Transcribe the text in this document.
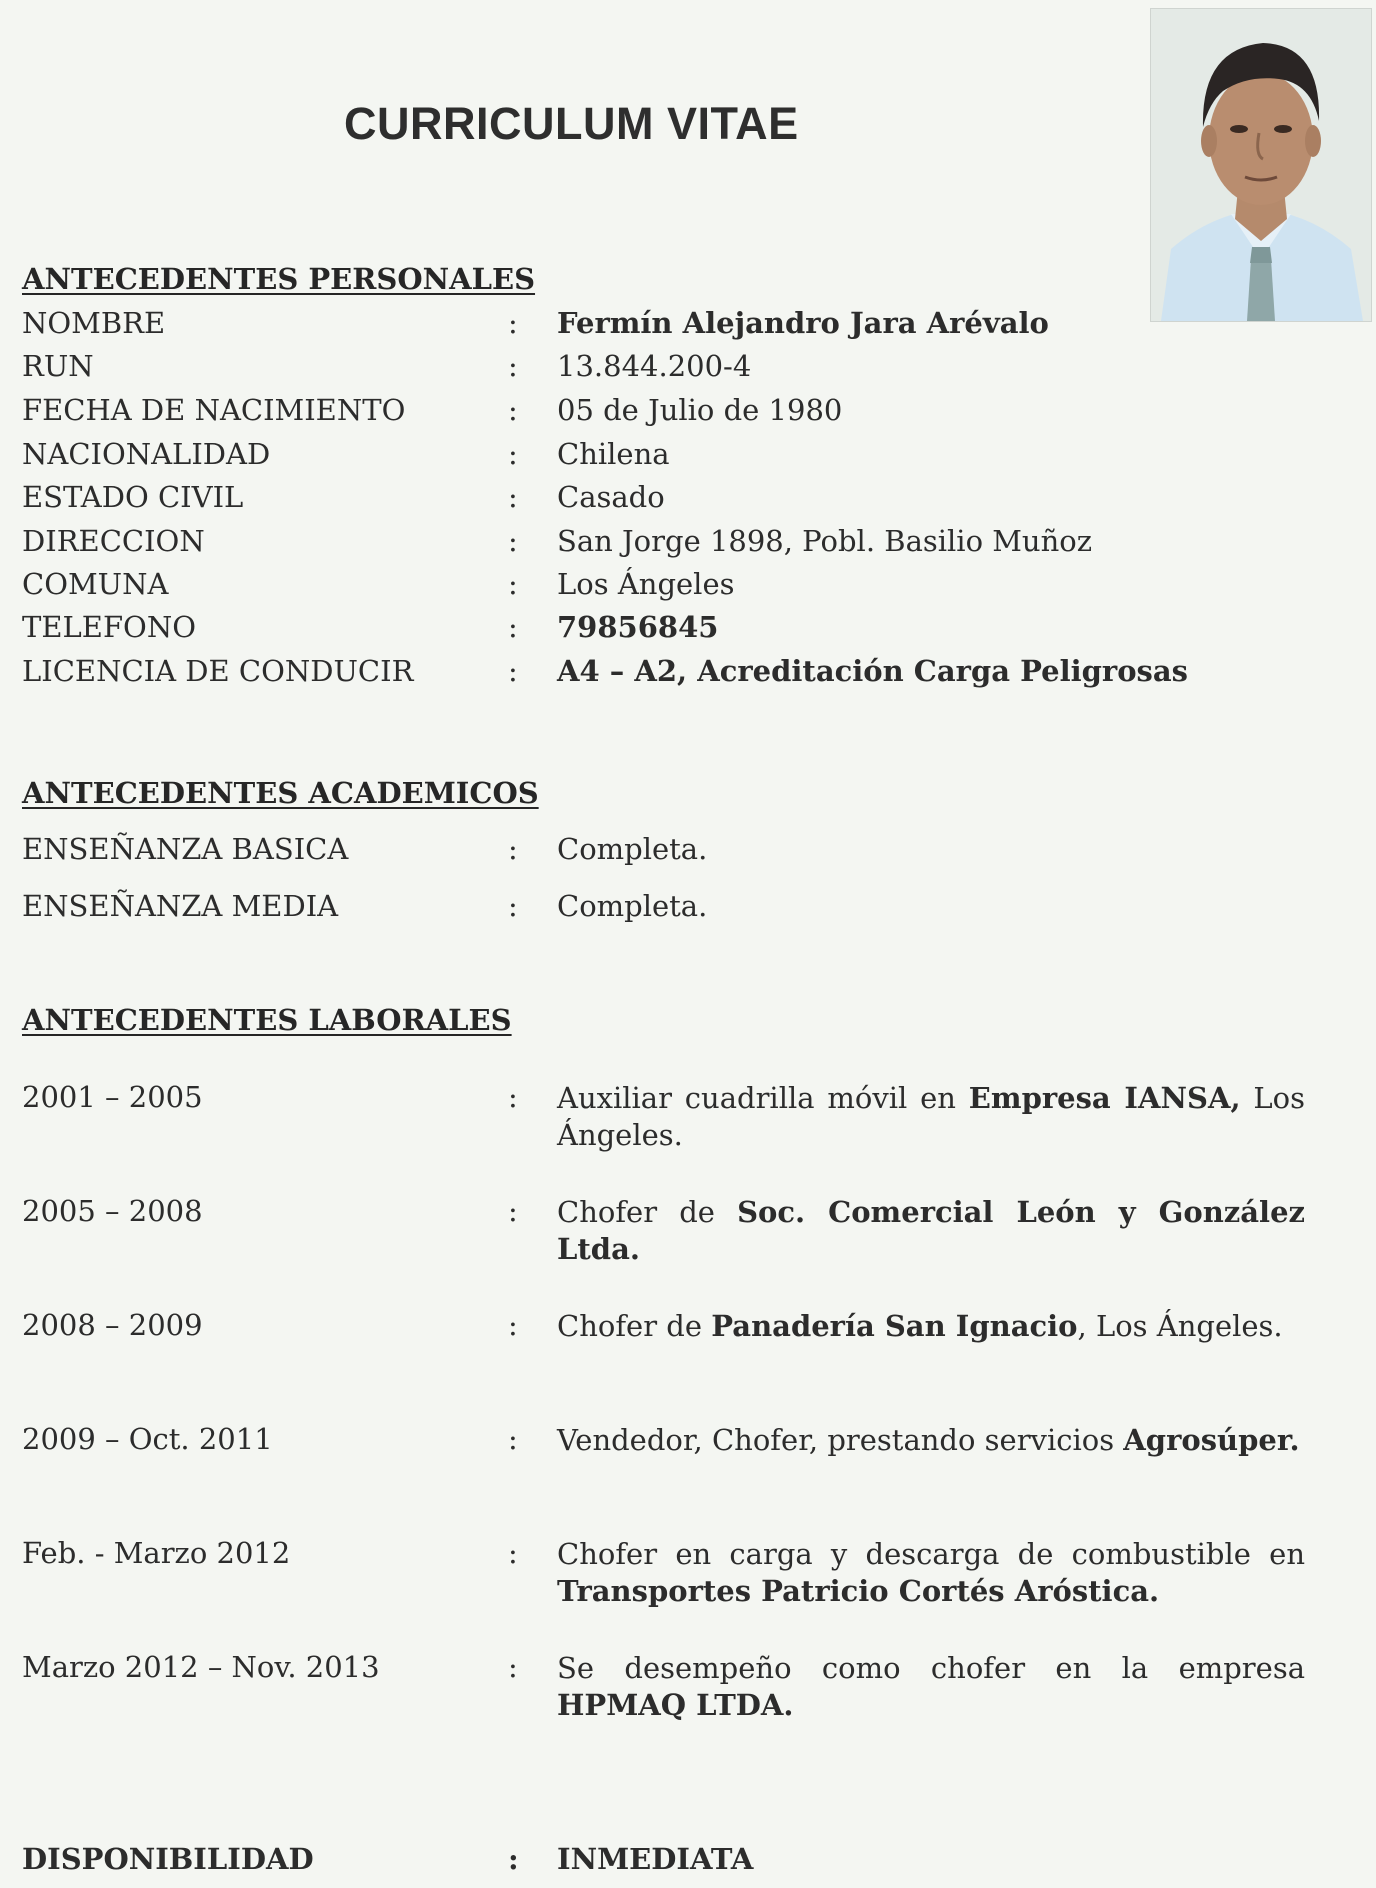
CURRICULUM VITAE
ANTECEDENTES PERSONALES
NOMBRE	: Fermín Alejandro Jara Arévalo
RUN	: 13.844.200-4
FECHA DE NACIMIENTO	: 05 de Julio de 1980
NACIONALIDAD	: Chilena
ESTADO CIVIL	: Casado
DIRECCION	: San Jorge 1898, Pobl. Basilio Muñoz
COMUNA	: Los Ángeles
TELEFONO	: 79856845
LICENCIA DE CONDUCIR	: A4 – A2, Acreditación Carga Peligrosas
ANTECEDENTES ACADEMICOS
ENSEÑANZA BASICA	: Completa.
ENSEÑANZA MEDIA	: Completa.
ANTECEDENTES LABORALES
2001 – 2005	: Auxiliar cuadrilla móvil en Empresa IANSA, Los Ángeles.
2005 – 2008	: Chofer de Soc. Comercial León y González Ltda.
2008 – 2009	: Chofer de Panadería San Ignacio, Los Ángeles.
2009 – Oct. 2011	: Vendedor, Chofer, prestando servicios Agrosúper.
Feb. - Marzo 2012	: Chofer en carga y descarga de combustible en Transportes Patricio Cortés Aróstica.
Marzo 2012 – Nov. 2013	: Se desempeño como chofer en la empresa HPMAQ LTDA.
DISPONIBILIDAD	: INMEDIATA
